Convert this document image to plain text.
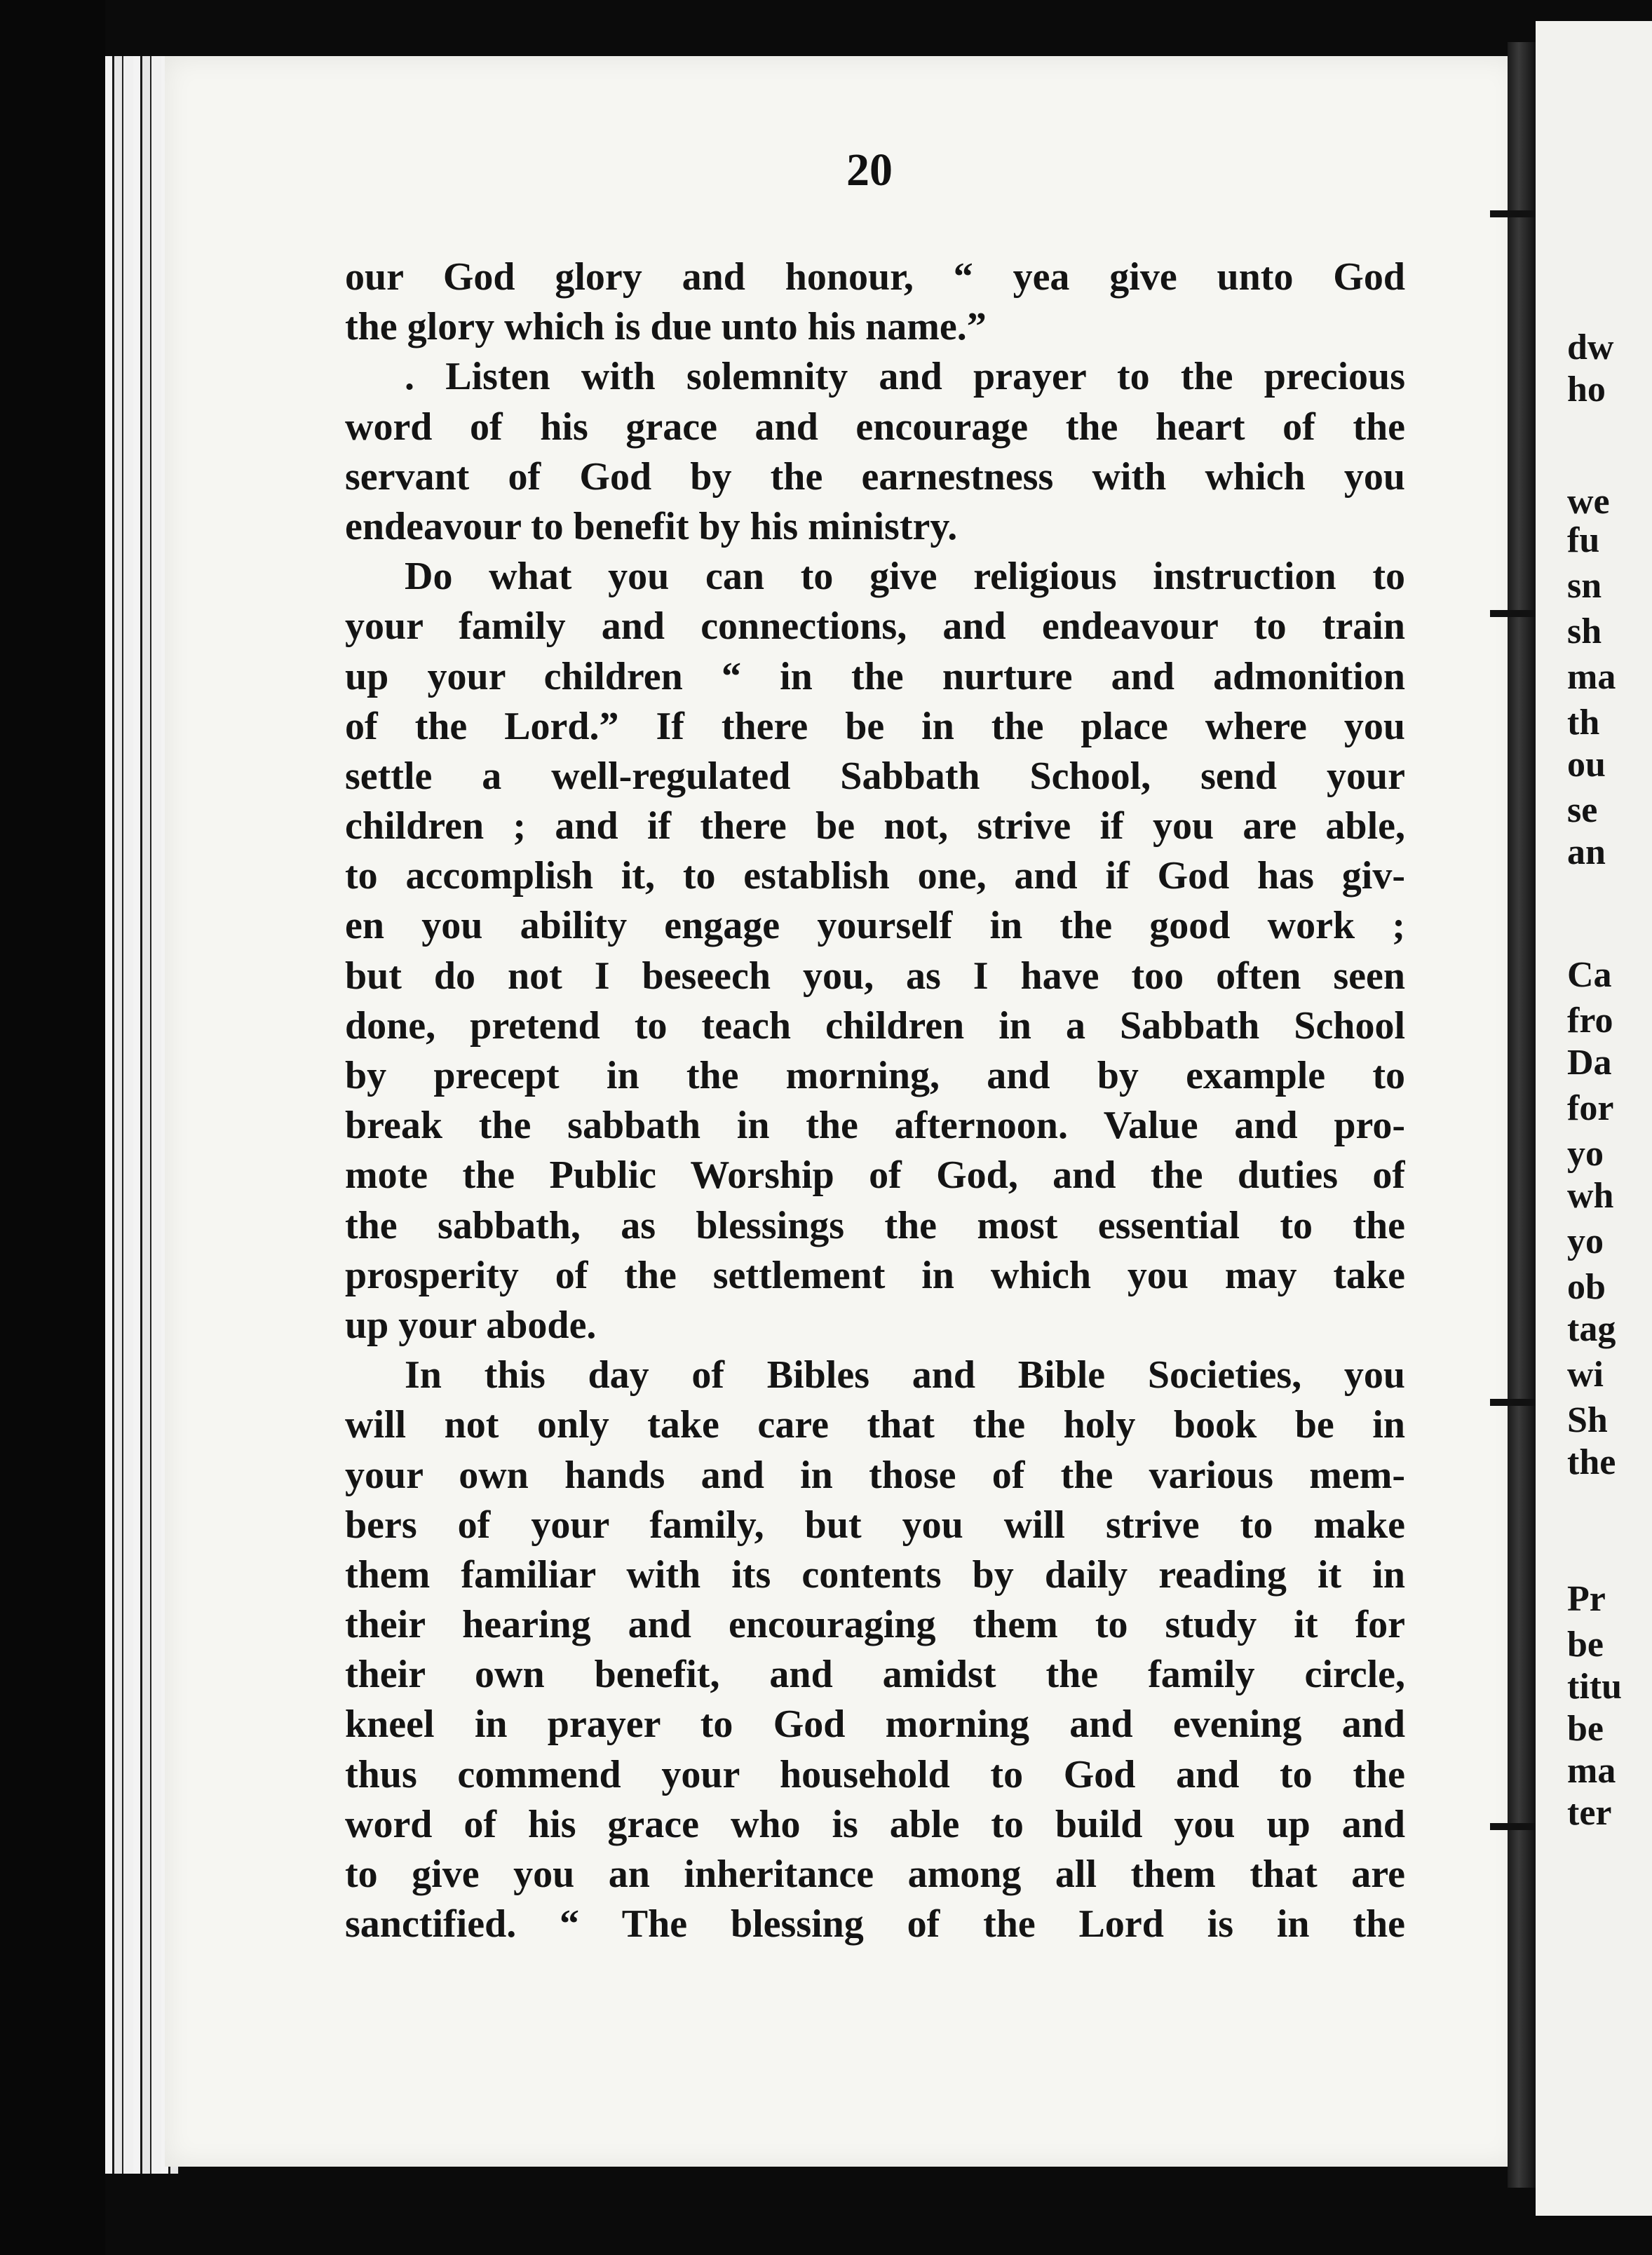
20
our God glory and honour, “ yea give unto God
the glory which is due unto his name.”
. Listen with solemnity and prayer to the precious
word of his grace and encourage the heart of the
servant of God by the earnestness with which you
endeavour to benefit by his ministry.
Do what you can to give religious instruction to
your family and connections, and endeavour to train
up your children “ in the nurture and admonition
of the Lord.” If there be in the place where you
settle a well-regulated Sabbath School, send your
children ; and if there be not, strive if you are able,
to accomplish it, to establish one, and if God has giv-
en you ability engage yourself in the good work ;
but do not I beseech you, as I have too often seen
done, pretend to teach children in a Sabbath School
by precept in the morning, and by example to
break the sabbath in the afternoon. Value and pro-
mote the Public Worship of God, and the duties of
the sabbath, as blessings the most essential to the
prosperity of the settlement in which you may take
up your abode.
In this day of Bibles and Bible Societies, you
will not only take care that the holy book be in
your own hands and in those of the various mem-
bers of your family, but you will strive to make
them familiar with its contents by daily reading it in
their hearing and encouraging them to study it for
their own benefit, and amidst the family circle,
kneel in prayer to God morning and evening and
thus commend your household to God and to the
word of his grace who is able to build you up and
to give you an inheritance among all them that are
sanctified. “ The blessing of the Lord is in the
dw
ho
we
fu
sn
sh
ma
th
ou
se
an
Ca
fro
Da
for
yo
wh
yo
ob
tag
wi
Sh
the
Pr
be
titu
be
ma
ter
